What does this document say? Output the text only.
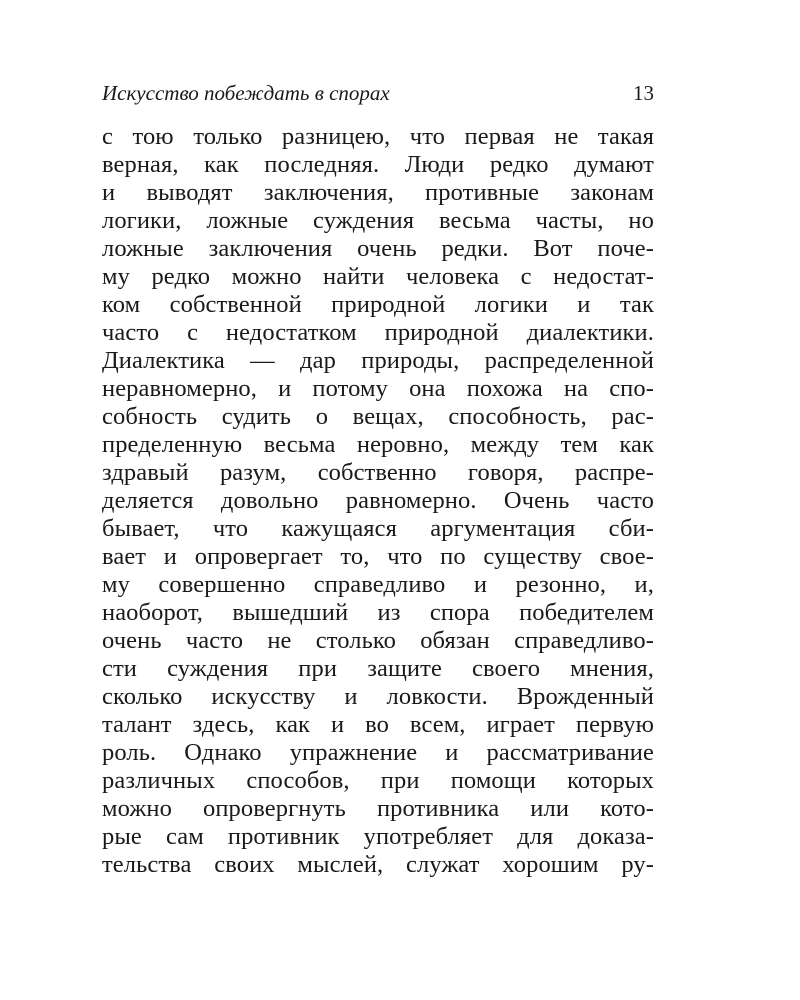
Искусство побеждать в спорах	13
с тою только разницею, что первая не такая
верная, как последняя. Люди редко думают
и выводят заключения, противные законам
логики, ложные суждения весьма часты, но
ложные заключения очень редки. Вот поче-
му редко можно найти человека с недостат-
ком собственной природной логики и так
часто с недостатком природной диалектики.
Диалектика — дар природы, распределенной
неравномерно, и потому она похожа на спо-
собность судить о вещах, способность, рас-
пределенную весьма неровно, между тем как
здравый разум, собственно говоря, распре-
деляется довольно равномерно. Очень часто
бывает, что кажущаяся аргументация сби-
вает и опровергает то, что по существу свое-
му совершенно справедливо и резонно, и,
наоборот, вышедший из спора победителем
очень часто не столько обязан справедливо-
сти суждения при защите своего мнения,
сколько искусству и ловкости. Врожденный
талант здесь, как и во всем, играет первую
роль. Однако упражнение и рассматривание
различных способов, при помощи которых
можно опровергнуть противника или кото-
рые сам противник употребляет для доказа-
тельства своих мыслей, служат хорошим ру-
